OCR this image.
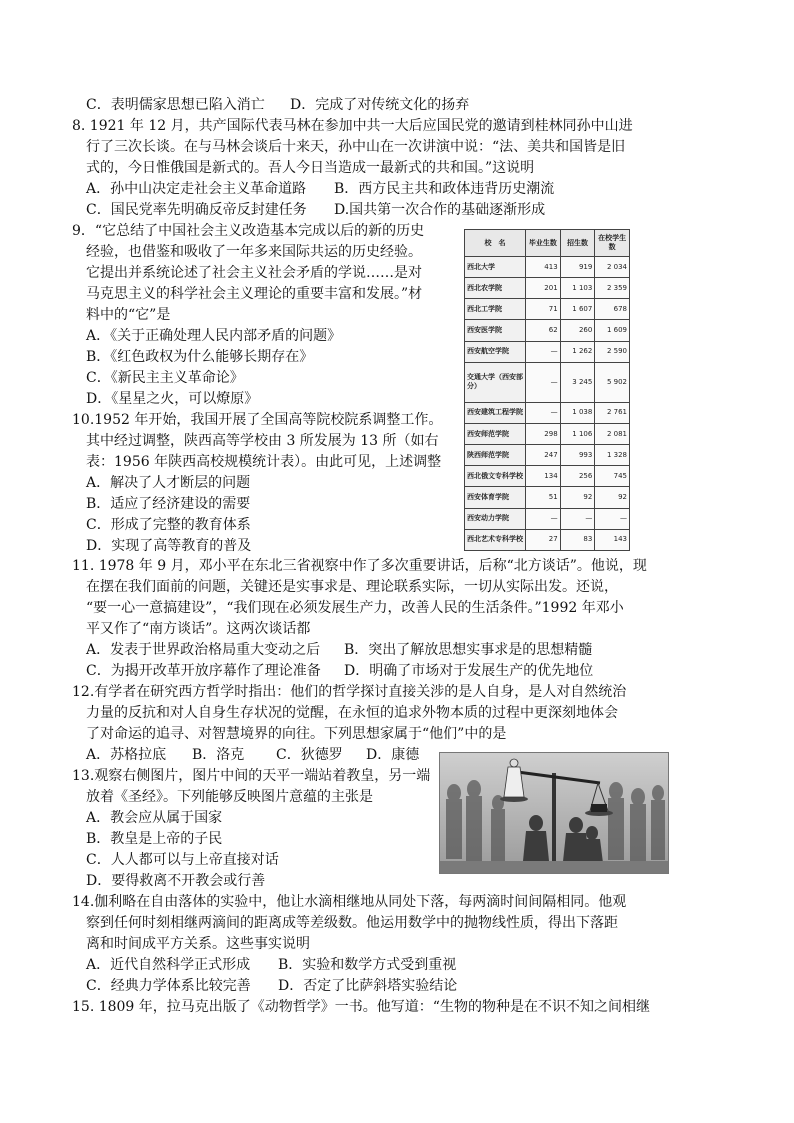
C．表明儒家思想已陷入消亡 D．完成了对传统文化的扬弃
8. 1921 年 12 月，共产国际代表马林在参加中共一大后应国民党的邀请到桂林同孙中山进
行了三次长谈。在与马林会谈后十来天，孙中山在一次讲演中说：“法、美共和国皆是旧
式的，今日惟俄国是新式的。吾人今日当造成一最新式的共和国。”这说明
A．孙中山决定走社会主义革命道路 B．西方民主共和政体违背历史潮流
C．国民党率先明确反帝反封建任务 D.国共第一次合作的基础逐渐形成
9．“它总结了中国社会主义改造基本完成以后的新的历史
经验，也借鉴和吸收了一年多来国际共运的历史经验。
它提出并系统论述了社会主义社会矛盾的学说……是对
马克思主义的科学社会主义理论的重要丰富和发展。”材
料中的“它”是
A．《关于正确处理人民内部矛盾的问题》
B．《红色政权为什么能够长期存在》
C．《新民主主义革命论》
D．《星星之火，可以燎原》
10.1952 年开始，我国开展了全国高等院校院系调整工作。
其中经过调整，陕西高等学校由 3 所发展为 13 所（如右
表：1956 年陕西高校规模统计表）。由此可见，上述调整
A．解决了人才断层的问题
B．适应了经济建设的需要
C．形成了完整的教育体系
D．实现了高等教育的普及
校　名	毕业生数	招生数	在校学生数
西北大学	413	919	2 034
西北农学院	201	1 103	2 359
西北工学院	71	1 607	678
西安医学院	62	260	1 609
西安航空学院	—	1 262	2 590
交通大学（西安部分）	—	3 245	5 902
西安建筑工程学院	—	1 038	2 761
西安师范学院	298	1 106	2 081
陕西师范学院	247	993	1 328
西北俄文专科学校	134	256	745
西安体育学院	51	92	92
西安动力学院	—	—	—
西北艺术专科学校	27	83	143
11. 1978 年 9 月，邓小平在东北三省视察中作了多次重要讲话，后称“北方谈话”。他说，现
在摆在我们面前的问题，关键还是实事求是、理论联系实际，一切从实际出发。还说，
“要一心一意搞建设”，“我们现在必须发展生产力，改善人民的生活条件。”1992 年邓小
平又作了“南方谈话”。这两次谈话都
A．发表于世界政治格局重大变动之后 B．突出了解放思想实事求是的思想精髓
C．为揭开改革开放序幕作了理论准备 D．明确了市场对于发展生产的优先地位
12.有学者在研究西方哲学时指出：他们的哲学探讨直接关涉的是人自身，是人对自然统治
力量的反抗和对人自身生存状况的觉醒，在永恒的追求外物本质的过程中更深刻地体会
了对命运的追寻、对智慧境界的向往。下列思想家属于“他们”中的是
A．苏格拉底 B．洛克 C．狄德罗 D．康德
13.观察右侧图片，图片中间的天平一端站着教皇，另一端
放着《圣经》。下列能够反映图片意蕴的主张是
A．教会应从属于国家
B．教皇是上帝的子民
C．人人都可以与上帝直接对话
D．要得救离不开教会或行善
14.伽利略在自由落体的实验中，他让水滴相继地从同处下落，每两滴时间间隔相同。他观
察到任何时刻相继两滴间的距离成等差级数。他运用数学中的抛物线性质，得出下落距
离和时间成平方关系。这些事实说明
A．近代自然科学正式形成 B．实验和数学方式受到重视
C．经典力学体系比较完善 D．否定了比萨斜塔实验结论
15. 1809 年，拉马克出版了《动物哲学》一书。他写道：“生物的物种是在不识不知之间相继
